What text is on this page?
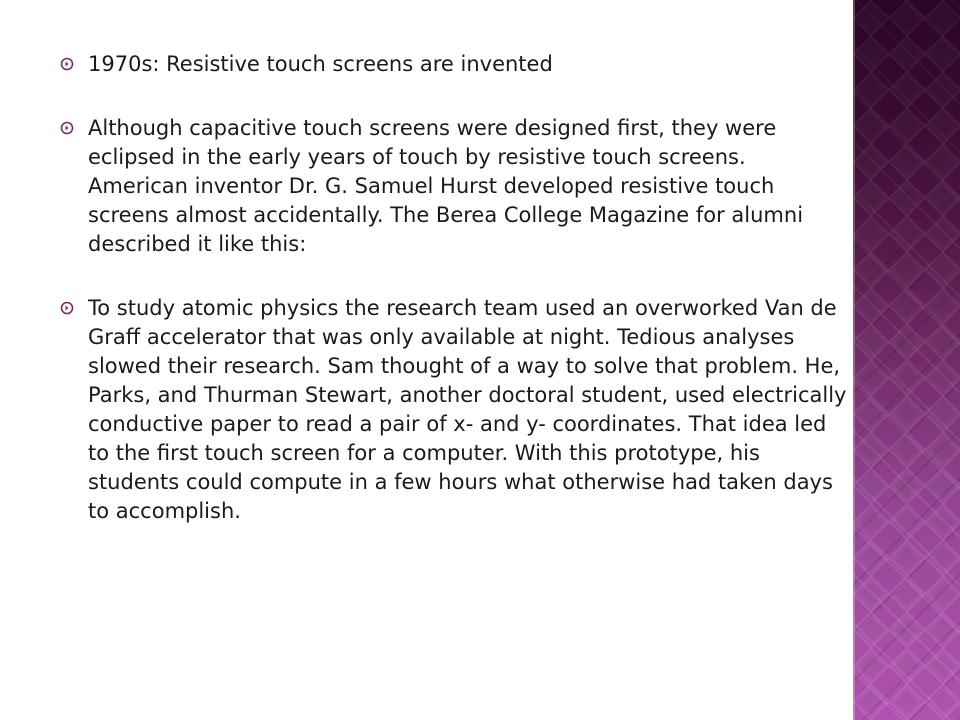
1970s: Resistive touch screens are invented
Although capacitive touch screens were designed first, they were eclipsed in the early years of touch by resistive touch screens. American inventor Dr. G. Samuel Hurst developed resistive touch screens almost accidentally. The Berea College Magazine for alumni described it like this:
To study atomic physics the research team used an overworked Van de Graff accelerator that was only available at night. Tedious analyses slowed their research. Sam thought of a way to solve that problem. He, Parks, and Thurman Stewart, another doctoral student, used electrically conductive paper to read a pair of x- and y- coordinates. That idea led to the first touch screen for a computer. With this prototype, his students could compute in a few hours what otherwise had taken days to accomplish.
